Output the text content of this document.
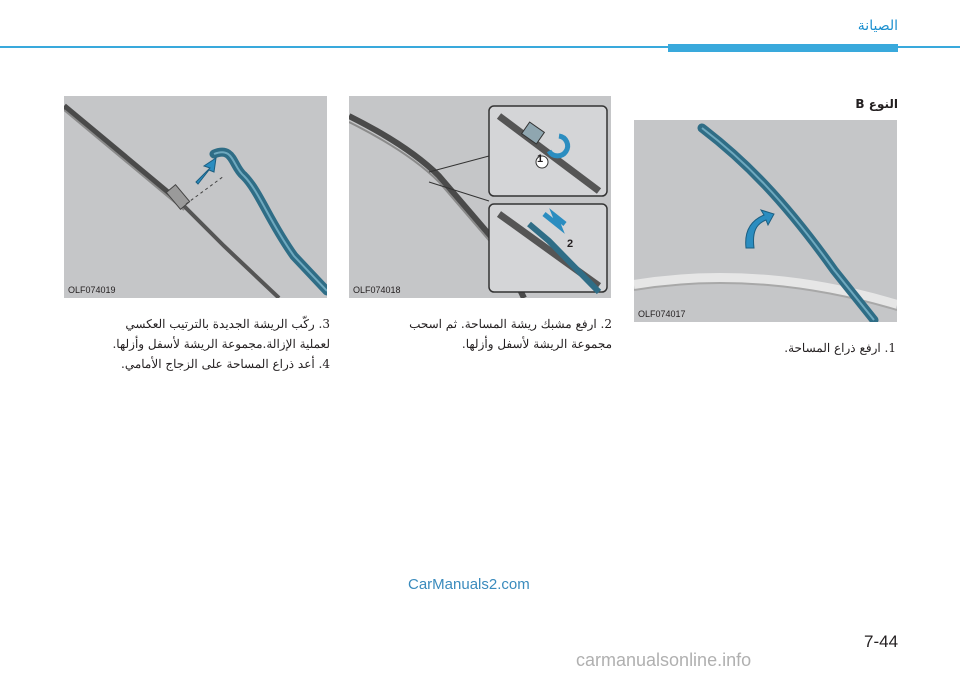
الصيانة
النوع B
OLF074019
1
2
OLF074018
OLF074017

3. ركّب الريشة الجديدة بالترتيب العكسي

لعملية الإزالة.مجموعة الريشة لأسفل وأزلها.

4. أعد ذراع المساحة على الزجاج الأمامي.

2. ارفع مشبك ريشة المساحة. ثم اسحب

مجموعة الريشة لأسفل وأزلها.	1. ارفع ذراع المساحة.

CarManuals2.com
7-44
carmanualsonline.info
